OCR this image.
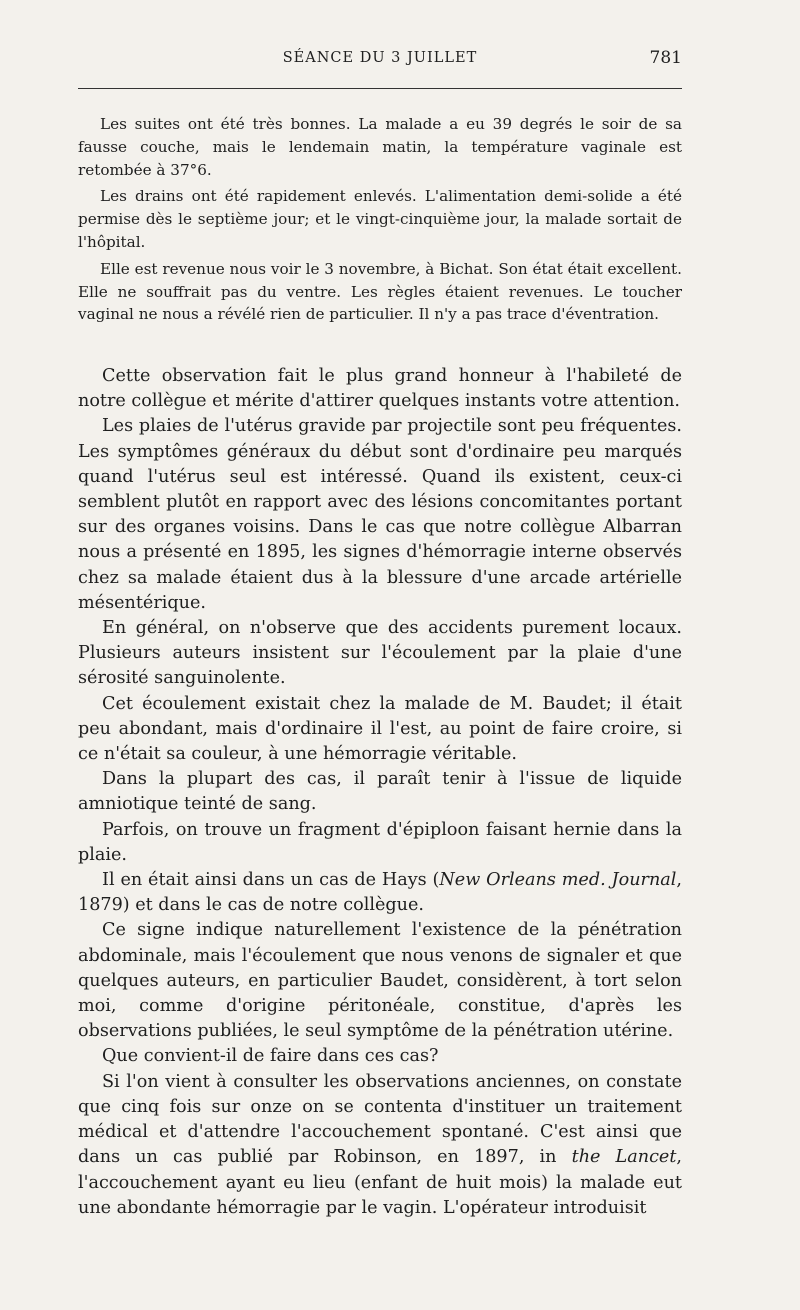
SÉANCE DU 3 JUILLET	781

Les suites ont été très bonnes. La malade a eu 39 degrés le soir de sa fausse couche, mais le lendemain matin, la température vaginale est retombée à 37°6.

Les drains ont été rapidement enlevés. L'alimentation demi-solide a été permise dès le septième jour; et le vingt-cinquième jour, la malade sortait de l'hôpital.

Elle est revenue nous voir le 3 novembre, à Bichat. Son état était excellent. Elle ne souffrait pas du ventre. Les règles étaient revenues. Le toucher vaginal ne nous a révélé rien de particulier. Il n'y a pas trace d'éventration.

Cette observation fait le plus grand honneur à l'habileté de notre collègue et mérite d'attirer quelques instants votre attention.

Les plaies de l'utérus gravide par projectile sont peu fréquentes. Les symptômes généraux du début sont d'ordinaire peu marqués quand l'utérus seul est intéressé. Quand ils existent, ceux-ci semblent plutôt en rapport avec des lésions concomitantes portant sur des organes voisins. Dans le cas que notre collègue Albarran nous a présenté en 1895, les signes d'hémorragie interne observés chez sa malade étaient dus à la blessure d'une arcade artérielle mésentérique.

En général, on n'observe que des accidents purement locaux. Plusieurs auteurs insistent sur l'écoulement par la plaie d'une sérosité sanguinolente.

Cet écoulement existait chez la malade de M. Baudet; il était peu abondant, mais d'ordinaire il l'est, au point de faire croire, si ce n'était sa couleur, à une hémorragie véritable.

Dans la plupart des cas, il paraît tenir à l'issue de liquide amniotique teinté de sang.

Parfois, on trouve un fragment d'épiploon faisant hernie dans la plaie.

Il en était ainsi dans un cas de Hays (New Orleans med. Journal, 1879) et dans le cas de notre collègue.

Ce signe indique naturellement l'existence de la pénétration abdominale, mais l'écoulement que nous venons de signaler et que quelques auteurs, en particulier Baudet, considèrent, à tort selon moi, comme d'origine péritonéale, constitue, d'après les observations publiées, le seul symptôme de la pénétration utérine.

Que convient-il de faire dans ces cas?

Si l'on vient à consulter les observations anciennes, on constate que cinq fois sur onze on se contenta d'instituer un traitement médical et d'attendre l'accouchement spontané. C'est ainsi que dans un cas publié par Robinson, en 1897, in the Lancet, l'accouchement ayant eu lieu (enfant de huit mois) la malade eut une abondante hémorragie par le vagin. L'opérateur introduisit
